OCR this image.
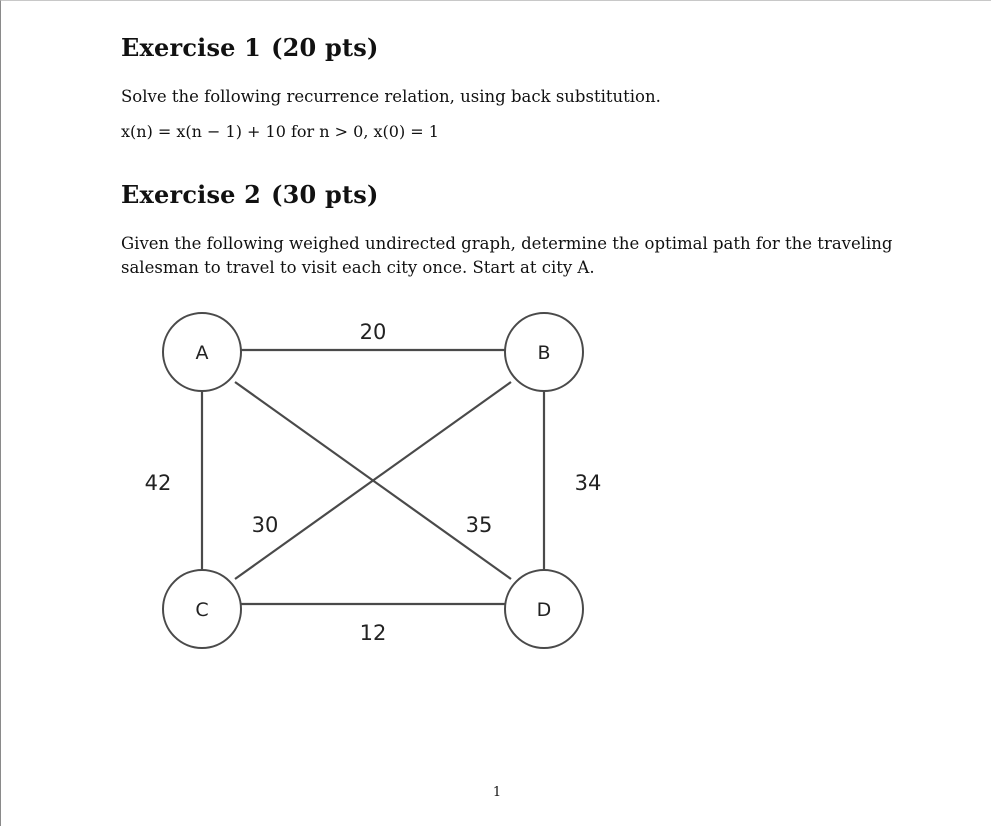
Exercise 1 (20 pts)

Solve the following recurrence relation, using back substitution.

x(n) = x(n − 1) + 10 for n > 0, x(0) = 1

Exercise 2 (30 pts)

Given the following weighed undirected graph, determine the optimal path for the traveling
salesman to travel to visit each city once. Start at city A.

A	B
C	D
20
42	34
30	35
12
1
